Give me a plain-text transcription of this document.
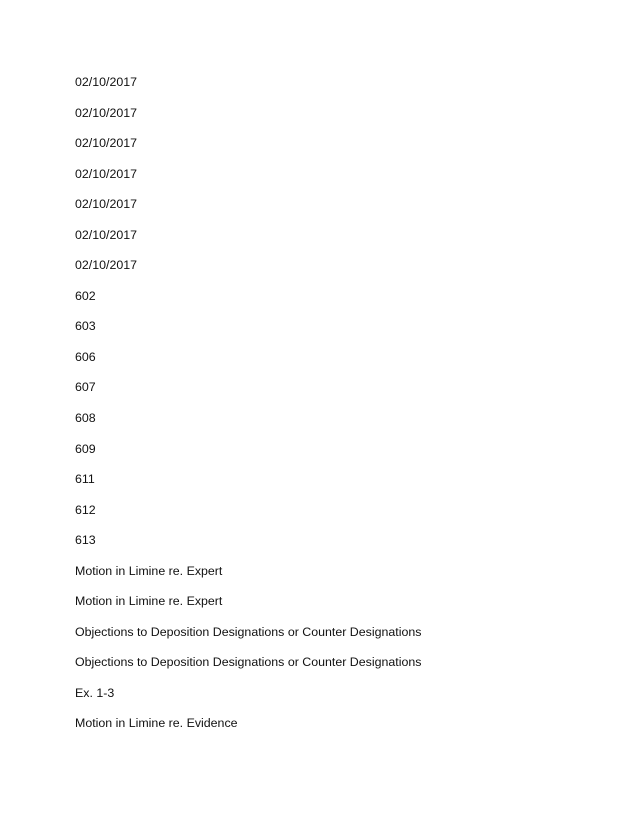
02/10/2017
02/10/2017
02/10/2017
02/10/2017
02/10/2017
02/10/2017
02/10/2017
602
603
606
607
608
609
611
612
613
Motion in Limine re. Expert
Motion in Limine re. Expert
Objections to Deposition Designations or Counter Designations
Objections to Deposition Designations or Counter Designations
Ex. 1-3
Motion in Limine re. Evidence
